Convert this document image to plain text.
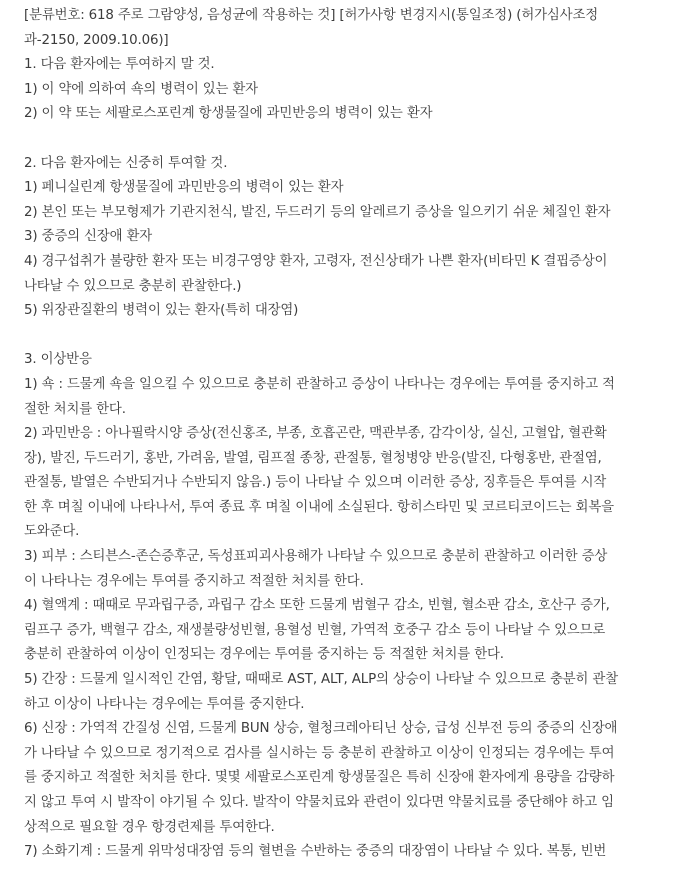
[분류번호: 618 주로 그람양성, 음성균에 작용하는 것] [허가사항 변경지시(통일조정) (허가심사조정
과-2150, 2009.10.06)]
1. 다음 환자에는 투여하지 말 것.
1) 이 약에 의하여 쇽의 병력이 있는 환자
2) 이 약 또는 세팔로스포린계 항생물질에 과민반응의 병력이 있는 환자
2. 다음 환자에는 신중히 투여할 것.
1) 페니실린계 항생물질에 과민반응의 병력이 있는 환자
2) 본인 또는 부모형제가 기관지천식, 발진, 두드러기 등의 알레르기 증상을 일으키기 쉬운 체질인 환자
3) 중증의 신장애 환자
4) 경구섭취가 불량한 환자 또는 비경구영양 환자, 고령자, 전신상태가 나쁜 환자(비타민 K 결핍증상이
나타날 수 있으므로 충분히 관찰한다.)
5) 위장관질환의 병력이 있는 환자(특히 대장염)
3. 이상반응
1) 쇽 : 드물게 쇽을 일으킬 수 있으므로 충분히 관찰하고 증상이 나타나는 경우에는 투여를 중지하고 적
절한 처치를 한다.
2) 과민반응 : 아나필락시양 증상(전신홍조, 부종, 호흡곤란, 맥관부종, 감각이상, 실신, 고혈압, 혈관확
장), 발진, 두드러기, 홍반, 가려움, 발열, 림프절 종창, 관절통, 혈청병양 반응(발진, 다형홍반, 관절염,
관절통, 발열은 수반되거나 수반되지 않음.) 등이 나타날 수 있으며 이러한 증상, 징후들은 투여를 시작
한 후 며칠 이내에 나타나서, 투여 종료 후 며칠 이내에 소실된다. 항히스타민 및 코르티코이드는 회복을
도와준다.
3) 피부 : 스티븐스-존슨증후군, 독성표피괴사용해가 나타날 수 있으므로 충분히 관찰하고 이러한 증상
이 나타나는 경우에는 투여를 중지하고 적절한 처치를 한다.
4) 혈액계 : 때때로 무과립구증, 과립구 감소 또한 드물게 범혈구 감소, 빈혈, 혈소판 감소, 호산구 증가,
림프구 증가, 백혈구 감소, 재생불량성빈혈, 용혈성 빈혈, 가역적 호중구 감소 등이 나타날 수 있으므로
충분히 관찰하여 이상이 인정되는 경우에는 투여를 중지하는 등 적절한 처치를 한다.
5) 간장 : 드물게 일시적인 간염, 황달, 때때로 AST, ALT, ALP의 상승이 나타날 수 있으므로 충분히 관찰
하고 이상이 나타나는 경우에는 투여를 중지한다.
6) 신장 : 가역적 간질성 신염, 드물게 BUN 상승, 혈청크레아티닌 상승, 급성 신부전 등의 중증의 신장애
가 나타날 수 있으므로 정기적으로 검사를 실시하는 등 충분히 관찰하고 이상이 인정되는 경우에는 투여
를 중지하고 적절한 처치를 한다. 몇몇 세팔로스포린계 항생물질은 특히 신장애 환자에게 용량을 감량하
지 않고 투여 시 발작이 야기될 수 있다. 발작이 약물치료와 관련이 있다면 약물치료를 중단해야 하고 임
상적으로 필요할 경우 항경련제를 투여한다.
7) 소화기계 : 드물게 위막성대장염 등의 혈변을 수반하는 중증의 대장염이 나타날 수 있다. 복통, 빈번
